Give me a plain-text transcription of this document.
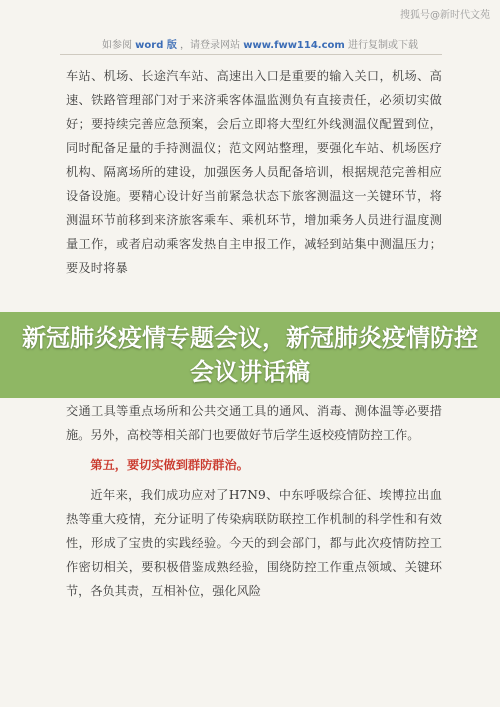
搜狐号@新时代文苑
如参阅 word 版 ，请登录网站 www.fww114.com 进行复制或下载

车站、机场、长途汽车站、高速出入口是重要的输入关口，机场、高速、铁路管理部门对于来济乘客体温监测负有直接责任，必须切实做好；要持续完善应急预案，会后立即将大型红外线测温仪配置到位，同时配备足量的手持测温仪；范文网站整理，要强化车站、机场医疗机构、隔离场所的建设，加强医务人员配备培训，根据规范完善相应设备设施。要精心设计好当前紧急状态下旅客测温这一关键环节，将测温环节前移到来济旅客乘车、乘机环节，增加乘务人员进行温度测量工作，或者启动乘客发热自主申报工作，减轻到站集中测温压力；要及时将暴

交通工具等重点场所和公共交通工具的通风、消毒、测体温等必要措施。另外，高校等相关部门也要做好节后学生返校疫情防控工作。

第五，要切实做到群防群治。

近年来，我们成功应对了H7N9、中东呼吸综合征、埃博拉出血热等重大疫情，充分证明了传染病联防联控工作机制的科学性和有效性，形成了宝贵的实践经验。今天的到会部门，都与此次疫情防控工作密切相关，要积极借鉴成熟经验，围绕防控工作重点领域、关键环节，各负其责，互相补位，强化风险

新冠肺炎疫情专题会议，新冠肺炎疫情防控会议讲话稿
